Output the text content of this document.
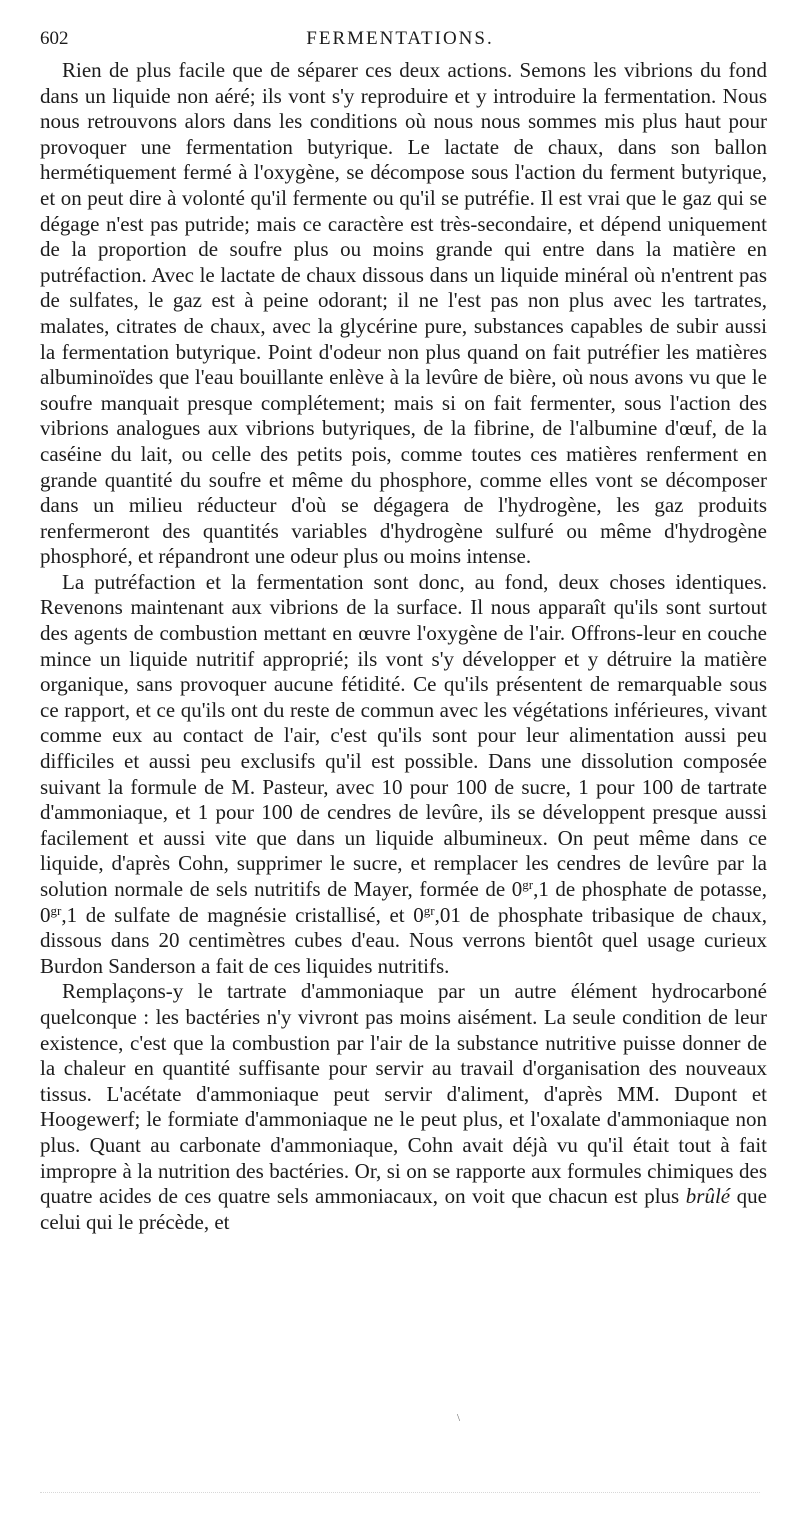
602	FERMENTATIONS.

Rien de plus facile que de séparer ces deux actions. Semons les vibrions du fond dans un liquide non aéré; ils vont s'y reproduire et y introduire la fermentation. Nous nous retrouvons alors dans les conditions où nous nous sommes mis plus haut pour provoquer une fermentation butyrique. Le lactate de chaux, dans son ballon hermétiquement fermé à l'oxygène, se décompose sous l'action du ferment butyrique, et on peut dire à volonté qu'il fermente ou qu'il se putréfie. Il est vrai que le gaz qui se dégage n'est pas putride; mais ce caractère est très-secondaire, et dépend uniquement de la proportion de soufre plus ou moins grande qui entre dans la matière en putréfaction. Avec le lactate de chaux dissous dans un liquide minéral où n'entrent pas de sulfates, le gaz est à peine odorant; il ne l'est pas non plus avec les tartrates, malates, citrates de chaux, avec la glycérine pure, substances capables de subir aussi la fermentation butyrique. Point d'odeur non plus quand on fait putréfier les matières albuminoïdes que l'eau bouillante enlève à la levûre de bière, où nous avons vu que le soufre manquait presque complétement; mais si on fait fermenter, sous l'action des vibrions analogues aux vibrions butyriques, de la fibrine, de l'albumine d'œuf, de la caséine du lait, ou celle des petits pois, comme toutes ces matières renferment en grande quantité du soufre et même du phosphore, comme elles vont se décomposer dans un milieu réducteur d'où se dégagera de l'hydrogène, les gaz produits renfermeront des quantités variables d'hydrogène sulfuré ou même d'hydrogène phosphoré, et répandront une odeur plus ou moins intense.

La putréfaction et la fermentation sont donc, au fond, deux choses identiques. Revenons maintenant aux vibrions de la surface. Il nous apparaît qu'ils sont surtout des agents de combustion mettant en œuvre l'oxygène de l'air. Offrons-leur en couche mince un liquide nutritif approprié; ils vont s'y développer et y détruire la matière organique, sans provoquer aucune fétidité. Ce qu'ils présentent de remarquable sous ce rapport, et ce qu'ils ont du reste de commun avec les végétations inférieures, vivant comme eux au contact de l'air, c'est qu'ils sont pour leur alimentation aussi peu difficiles et aussi peu exclusifs qu'il est possible. Dans une dissolution composée suivant la formule de M. Pasteur, avec 10 pour 100 de sucre, 1 pour 100 de tartrate d'ammoniaque, et 1 pour 100 de cendres de levûre, ils se développent presque aussi facilement et aussi vite que dans un liquide albumineux. On peut même dans ce liquide, d'après Cohn, supprimer le sucre, et remplacer les cendres de levûre par la solution normale de sels nutritifs de Mayer, formée de $0^{gr},1$ de phosphate de potasse, $0^{gr},1$ de sulfate de magnésie cristallisé, et $0^{gr},01$ de phosphate tribasique de chaux, dissous dans 20 centimètres cubes d'eau. Nous verrons bientôt quel usage curieux Burdon Sanderson a fait de ces liquides nutritifs.

Remplaçons-y le tartrate d'ammoniaque par un autre élément hydrocarboné quelconque : les bactéries n'y vivront pas moins aisément. La seule condition de leur existence, c'est que la combustion par l'air de la substance nutritive puisse donner de la chaleur en quantité suffisante pour servir au travail d'organisation des nouveaux tissus. L'acétate d'ammoniaque peut servir d'aliment, d'après MM. Dupont et Hoogewerf; le formiate d'ammoniaque ne le peut plus, et l'oxalate d'ammoniaque non plus. Quant au carbonate d'ammoniaque, Cohn avait déjà vu qu'il était tout à fait impropre à la nutrition des bactéries. Or, si on se rapporte aux formules chimiques des quatre acides de ces quatre sels ammoniacaux, on voit que chacun est plus brûlé que celui qui le précède, et

\
